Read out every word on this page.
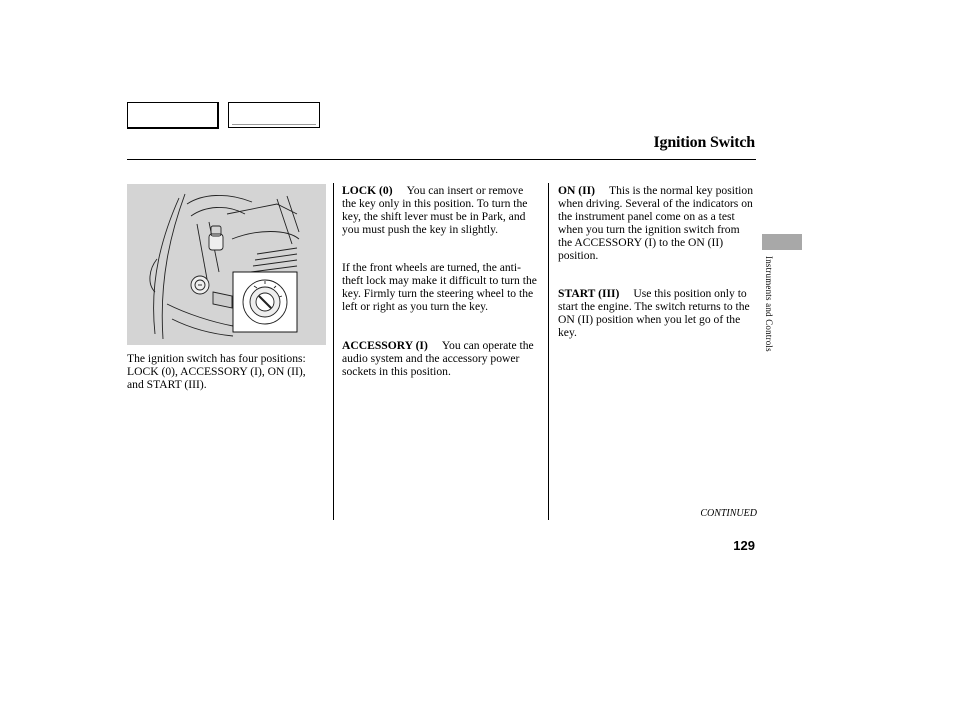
Ignition Switch

The ignition switch has four positions: LOCK (0), ACCESSORY (I), ON (II), and START (III).

LOCK (0) You can insert or remove the key only in this position. To turn the key, the shift lever must be in Park, and you must push the key in slightly.

If the front wheels are turned, the anti-theft lock may make it difficult to turn the key. Firmly turn the steering wheel to the left or right as you turn the key.

ACCESSORY (I) You can operate the audio system and the accessory power sockets in this position.

ON (II) This is the normal key position when driving. Several of the indicators on the instrument panel come on as a test when you turn the ignition switch from the ACCESSORY (I) to the ON (II) position.

START (III) Use this position only to start the engine. The switch returns to the ON (II) position when you let go of the key.	Instruments and Controls
CONTINUED
129
